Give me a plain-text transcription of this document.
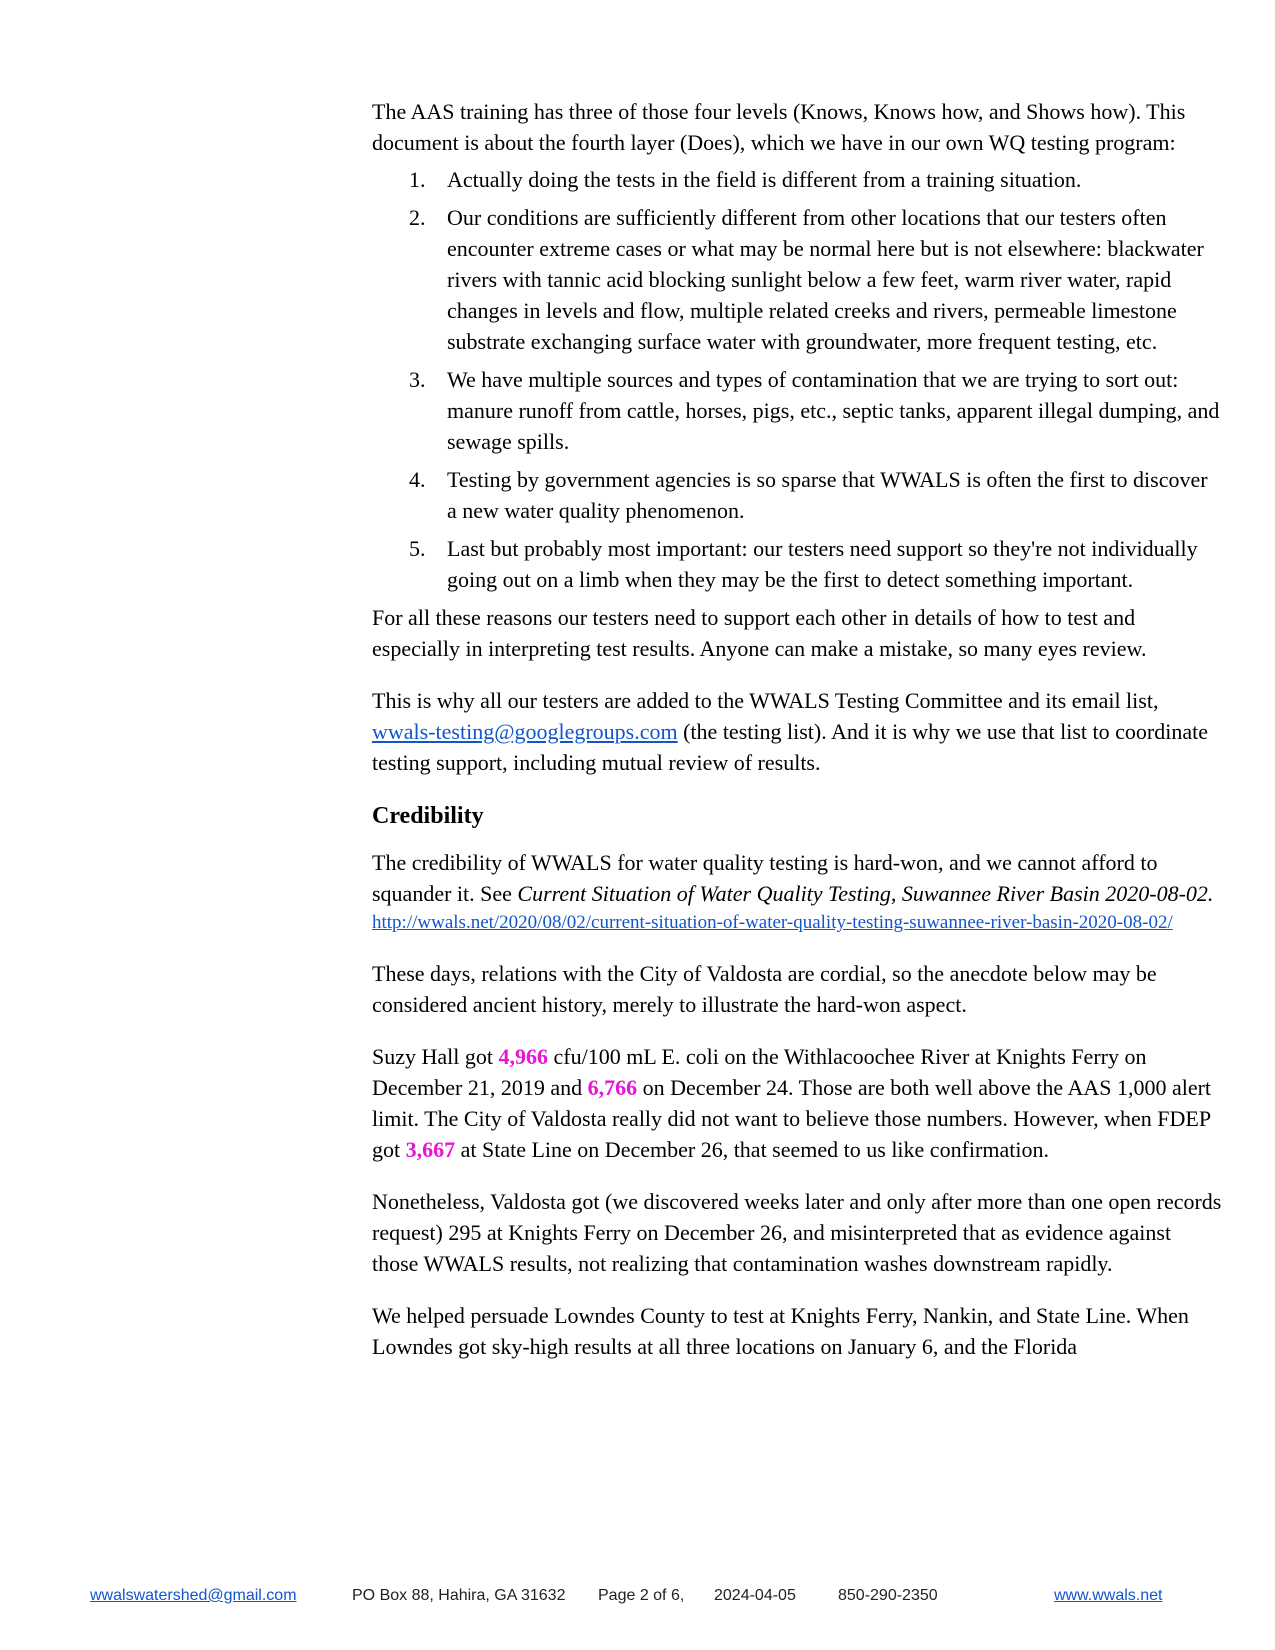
The AAS training has three of those four levels (Knows, Knows how, and Shows how). This document is about the fourth layer (Does), which we have in our own WQ testing program:

1. Actually doing the tests in the field is different from a training situation.
2. Our conditions are sufficiently different from other locations that our testers often encounter extreme cases or what may be normal here but is not elsewhere: blackwater rivers with tannic acid blocking sunlight below a few feet, warm river water, rapid changes in levels and flow, multiple related creeks and rivers, permeable limestone substrate exchanging surface water with groundwater, more frequent testing, etc.
3. We have multiple sources and types of contamination that we are trying to sort out: manure runoff from cattle, horses, pigs, etc., septic tanks, apparent illegal dumping, and sewage spills.
4. Testing by government agencies is so sparse that WWALS is often the first to discover a new water quality phenomenon.
5. Last but probably most important: our testers need support so they're not individually going out on a limb when they may be the first to detect something important.

For all these reasons our testers need to support each other in details of how to test and especially in interpreting test results. Anyone can make a mistake, so many eyes review.

This is why all our testers are added to the WWALS Testing Committee and its email list, wwals-testing@googlegroups.com (the testing list). And it is why we use that list to coordinate testing support, including mutual review of results.

Credibility

The credibility of WWALS for water quality testing is hard-won, and we cannot afford to squander it. See Current Situation of Water Quality Testing, Suwannee River Basin 2020-08-02.
http://wwals.net/2020/08/02/current-situation-of-water-quality-testing-suwannee-river-basin-2020-08-02/

These days, relations with the City of Valdosta are cordial, so the anecdote below may be considered ancient history, merely to illustrate the hard-won aspect.

Suzy Hall got 4,966 cfu/100 mL E. coli on the Withlacoochee River at Knights Ferry on December 21, 2019 and 6,766 on December 24. Those are both well above the AAS 1,000 alert limit. The City of Valdosta really did not want to believe those numbers. However, when FDEP got 3,667 at State Line on December 26, that seemed to us like confirmation.

Nonetheless, Valdosta got (we discovered weeks later and only after more than one open records request) 295 at Knights Ferry on December 26, and misinterpreted that as evidence against those WWALS results, not realizing that contamination washes downstream rapidly.

We helped persuade Lowndes County to test at Knights Ferry, Nankin, and State Line. When Lowndes got sky-high results at all three locations on January 6, and the Florida

wwalswatershed@gmail.com	PO Box 88, Hahira, GA 31632 Page 2 of 6, 2024-04-05	850-290-2350	www.wwals.net
